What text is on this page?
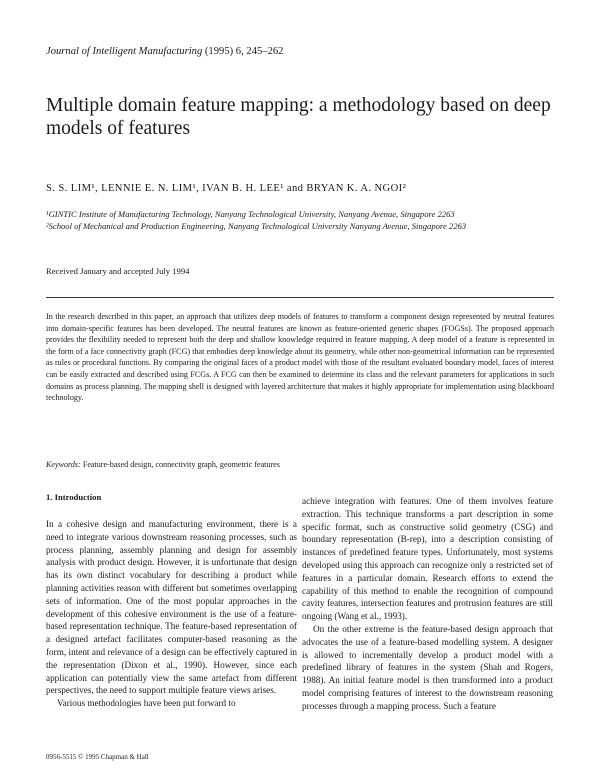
Journal of Intelligent Manufacturing (1995) 6, 245–262
Multiple domain feature mapping: a methodology based on deep models of features
S. S. LIM¹, LENNIE E. N. LIM¹, IVAN B. H. LEE¹ and BRYAN K. A. NGOI²
¹GINTIC Institute of Manufacturing Technology, Nanyang Technological University, Nanyang Avenue, Singapore 2263
²School of Mechanical and Production Engineering, Nanyang Technological University Nanyang Avenue, Singapore 2263
Received January and accepted July 1994
In the research described in this paper, an approach that utilizes deep models of features to transform a component design represented by neutral features into domain-specific features has been developed. The neutral features are known as feature-oriented generic shapes (FOGSs). The proposed approach provides the flexibility needed to represent both the deep and shallow knowledge required in feature mapping. A deep model of a feature is represented in the form of a face connectivity graph (FCG) that embodies deep knowledge about its geometry, while other non-geometrical information can be represented as rules or procedural functions. By comparing the original faces of a product model with those of the resultant evaluated boundary model, faces of interest can be easily extracted and described using FCGs. A FCG can then be examined to determine its class and the relevant parameters for applications in such domains as process planning. The mapping shell is designed with layered architecture that makes it highly appropriate for implementation using blackboard technology.
Keywords: Feature-based design, connectivity graph, geometric features
1. Introduction

In a cohesive design and manufacturing environment, there is a need to integrate various downstream reasoning processes, such as process planning, assembly planning and design for assembly analysis with product design. However, it is unfortunate that design has its own distinct vocabulary for describing a product while planning activities reason with different but sometimes overlapping sets of information. One of the most popular approaches in the development of this cohesive environment is the use of a feature-based representation technique. The feature-based representation of a designed artefact facilitates computer-based reasoning as the form, intent and relevance of a design can be effectively captured in the representation (Dixon et al., 1990). However, since each application can potentially view the same artefact from different perspectives, the need to support multiple feature views arises.

Various methodologies have been put forward to

achieve integration with features. One of them involves feature extraction. This technique transforms a part description in some specific format, such as constructive solid geometry (CSG) and boundary representation (B-rep), into a description consisting of instances of predefined feature types. Unfortunately, most systems developed using this approach can recognize only a restricted set of features in a particular domain. Research efforts to extend the capability of this method to enable the recognition of compound cavity features, intersection features and protrusion features are still ongoing (Wang et al., 1993).

On the other extreme is the feature-based design approach that advocates the use of a feature-based modelling system. A designer is allowed to incrementally develop a product model with a predefined library of features in the system (Shah and Rogers, 1988). An initial feature model is then transformed into a product model comprising features of interest to the downstream reasoning processes through a mapping process. Such a feature

0956-5515 © 1995 Chapman & Hall
